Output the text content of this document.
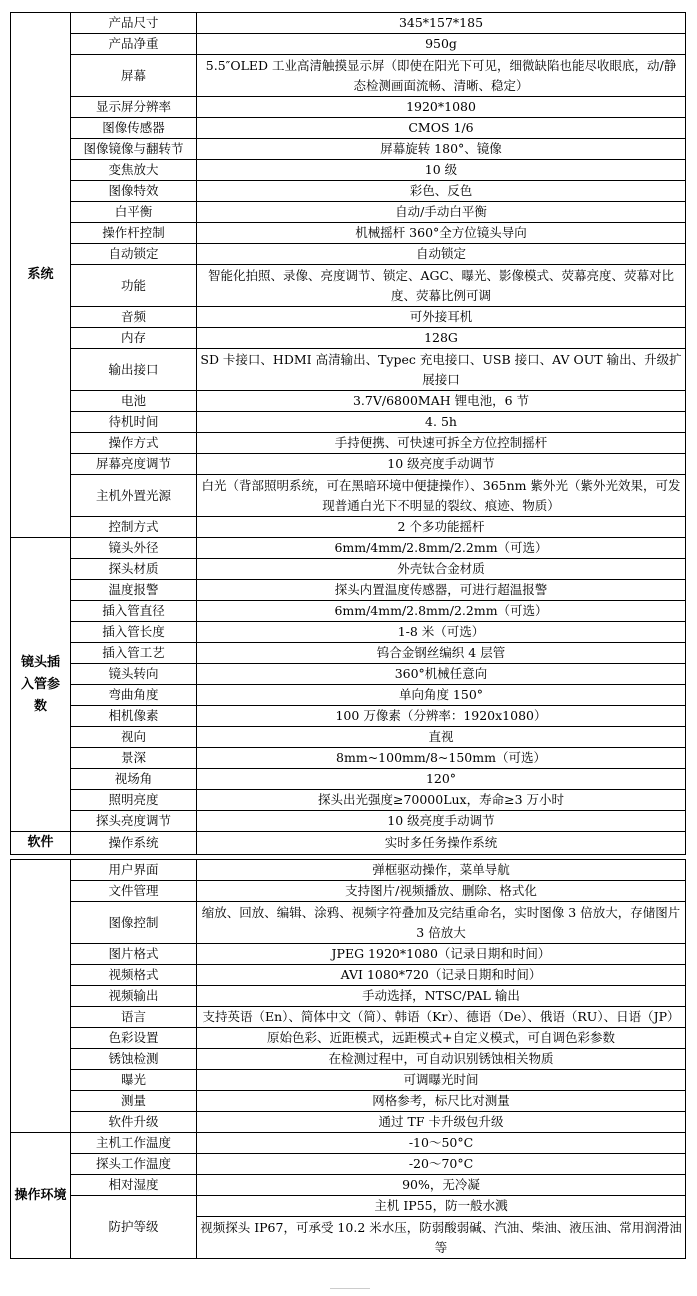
系统	产品尺寸	345*157*185
	产品净重	950g
	屏幕	5.5″OLED 工业高清触摸显示屏（即使在阳光下可见，细微缺陷也能尽收眼底，动/静态检测画面流畅、清晰、稳定）
	显示屏分辨率	1920*1080
	图像传感器	CMOS 1/6
	图像镜像与翻转节	屏幕旋转 180°、镜像
	变焦放大	10 级
	图像特效	彩色、反色
	白平衡	自动/手动白平衡
	操作杆控制	机械摇杆 360°全方位镜头导向
	自动锁定	自动锁定
	功能	智能化拍照、录像、亮度调节、锁定、AGC、曝光、影像模式、荧幕亮度、荧幕对比度、荧幕比例可调
	音频	可外接耳机
	内存	128G
	输出接口	SD 卡接口、HDMI 高清输出、Typec 充电接口、USB 接口、AV OUT 输出、升级扩展接口
	电池	3.7V/6800MAH 锂电池，6 节
	待机时间	4. 5h
	操作方式	手持便携、可快速可拆全方位控制摇杆
	屏幕亮度调节	10 级亮度手动调节
	主机外置光源	白光（背部照明系统，可在黑暗环境中便捷操作）、365nm 紫外光（紫外光效果，可发现普通白光下不明显的裂纹、痕迹、物质）
	控制方式	2 个多功能摇杆
镜头插入管参数	镜头外径	6mm/4mm/2.8mm/2.2mm（可选）
	探头材质	外壳钛合金材质
	温度报警	探头内置温度传感器，可进行超温报警
	插入管直径	6mm/4mm/2.8mm/2.2mm（可选）
	插入管长度	1-8 米（可选）
	插入管工艺	钨合金钢丝编织 4 层管
	镜头转向	360°机械任意向
	弯曲角度	单向角度 150°
	相机像素	100 万像素（分辨率：1920x1080）
	视向	直视
	景深	8mm~100mm/8~150mm（可选）
	视场角	120°
	照明亮度	探头出光强度≥70000Lux，寿命≥3 万小时
	探头亮度调节	10 级亮度手动调节
软件	操作系统	实时多任务操作系统

	用户界面	弹框驱动操作，菜单导航
	文件管理	支持图片/视频播放、删除、格式化
	图像控制	缩放、回放、编辑、涂鸦、视频字符叠加及完结重命名，实时图像 3 倍放大，存储图片 3 倍放大
	图片格式	JPEG 1920*1080（记录日期和时间）
	视频格式	AVI 1080*720（记录日期和时间）
	视频输出	手动选择，NTSC/PAL 输出
	语言	支持英语（En）、简体中文（简）、韩语（Kr）、德语（De）、俄语（RU）、日语（JP）
	色彩设置	原始色彩、近距模式，远距模式+自定义模式，可自调色彩参数
	锈蚀检测	在检测过程中，可自动识别锈蚀相关物质
	曝光	可调曝光时间
	测量	网格参考，标尺比对测量
	软件升级	通过 TF 卡升级包升级
操作环境	主机工作温度	-10～50°C
	探头工作温度	-20～70°C
	相对湿度	90%，无冷凝
	防护等级	主机 IP55，防一般水溅
		视频探头 IP67，可承受 10.2 米水压，防弱酸弱碱、汽油、柴油、液压油、常用润滑油等
